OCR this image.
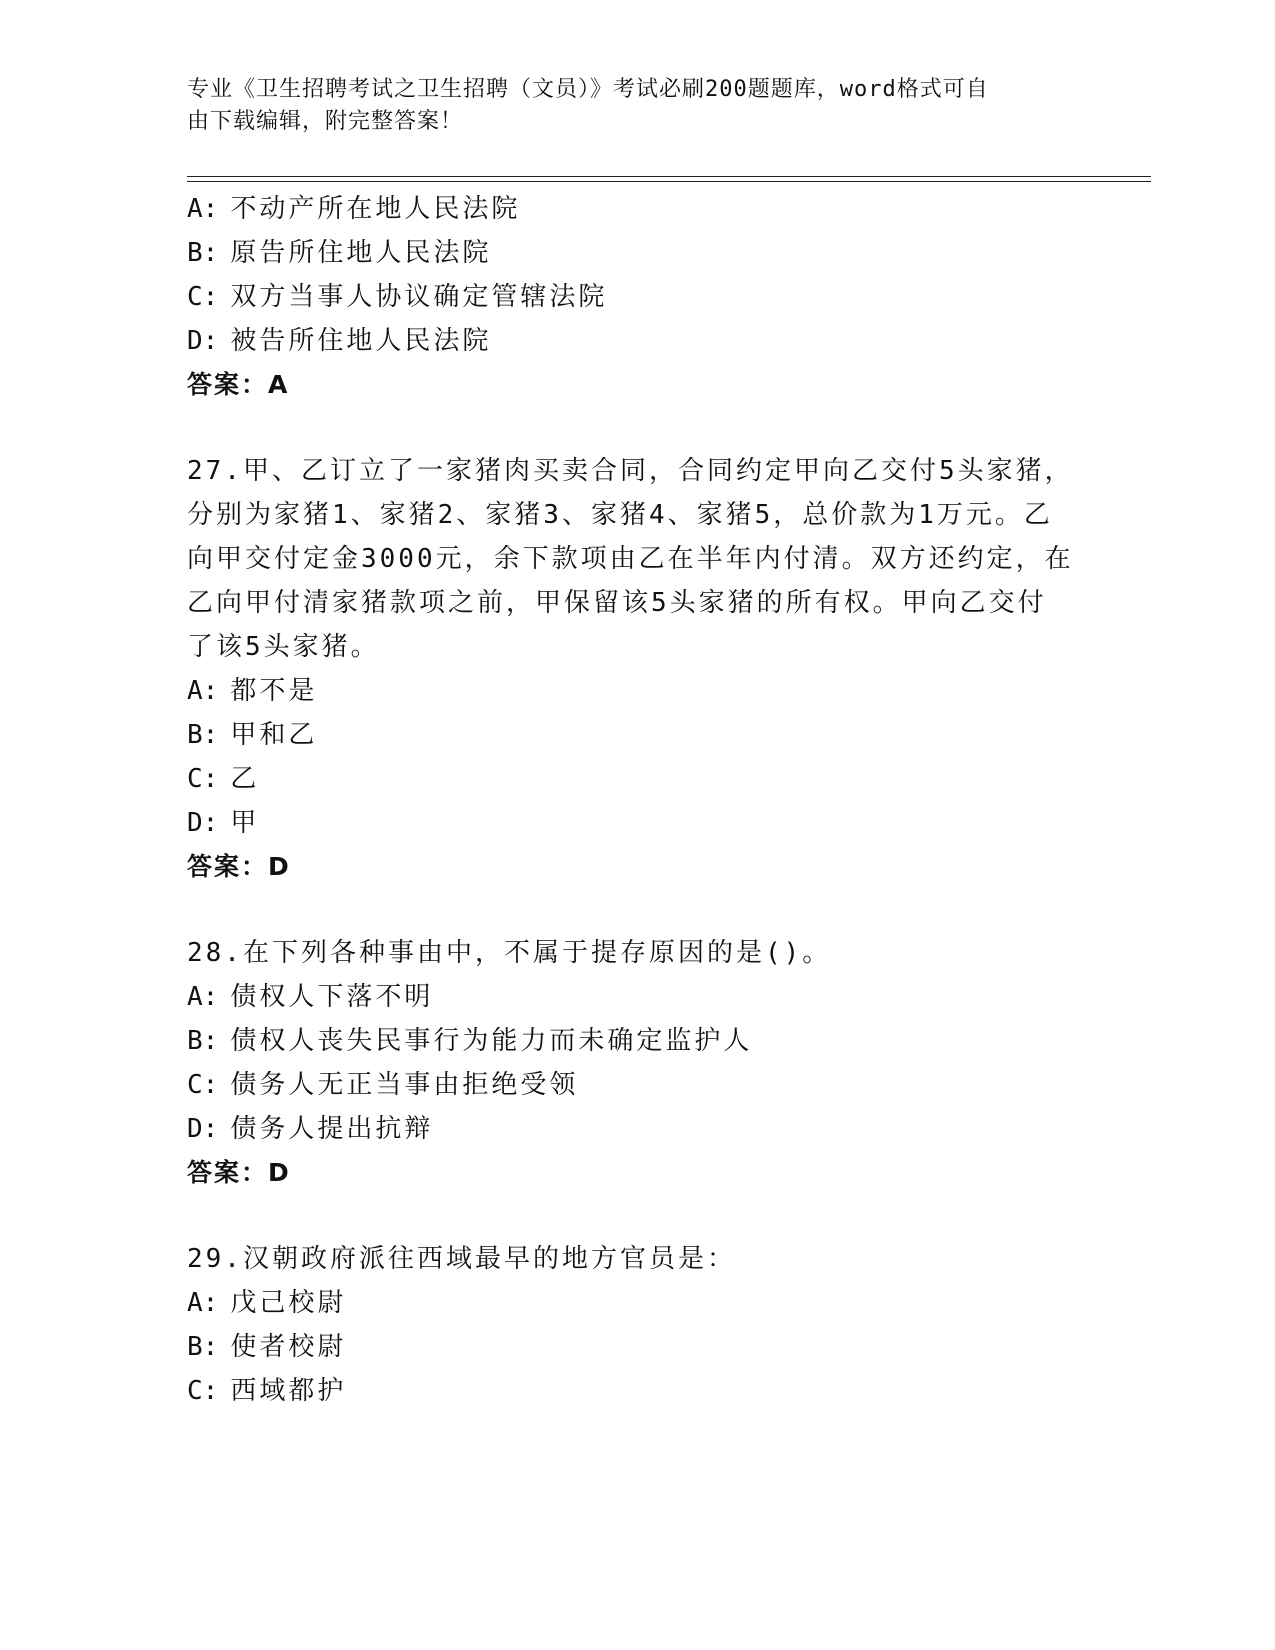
专业《卫生招聘考试之卫生招聘（文员）》考试必刷200题题库，word格式可自
由下载编辑，附完整答案！
A: 不动产所在地人民法院
B: 原告所住地人民法院
C: 双方当事人协议确定管辖法院
D: 被告所住地人民法院
答案：A
27.甲、乙订立了一家猪肉买卖合同，合同约定甲向乙交付5头家猪，
分别为家猪1、家猪2、家猪3、家猪4、家猪5，总价款为1万元。乙
向甲交付定金3000元，余下款项由乙在半年内付清。双方还约定，在
乙向甲付清家猪款项之前，甲保留该5头家猪的所有权。甲向乙交付
了该5头家猪。
A: 都不是
B: 甲和乙
C: 乙
D: 甲
答案：D
28.在下列各种事由中，不属于提存原因的是()。
A: 债权人下落不明
B: 债权人丧失民事行为能力而未确定监护人
C: 债务人无正当事由拒绝受领
D: 债务人提出抗辩
答案：D
29.汉朝政府派往西域最早的地方官员是：
A: 戊己校尉
B: 使者校尉
C: 西域都护
